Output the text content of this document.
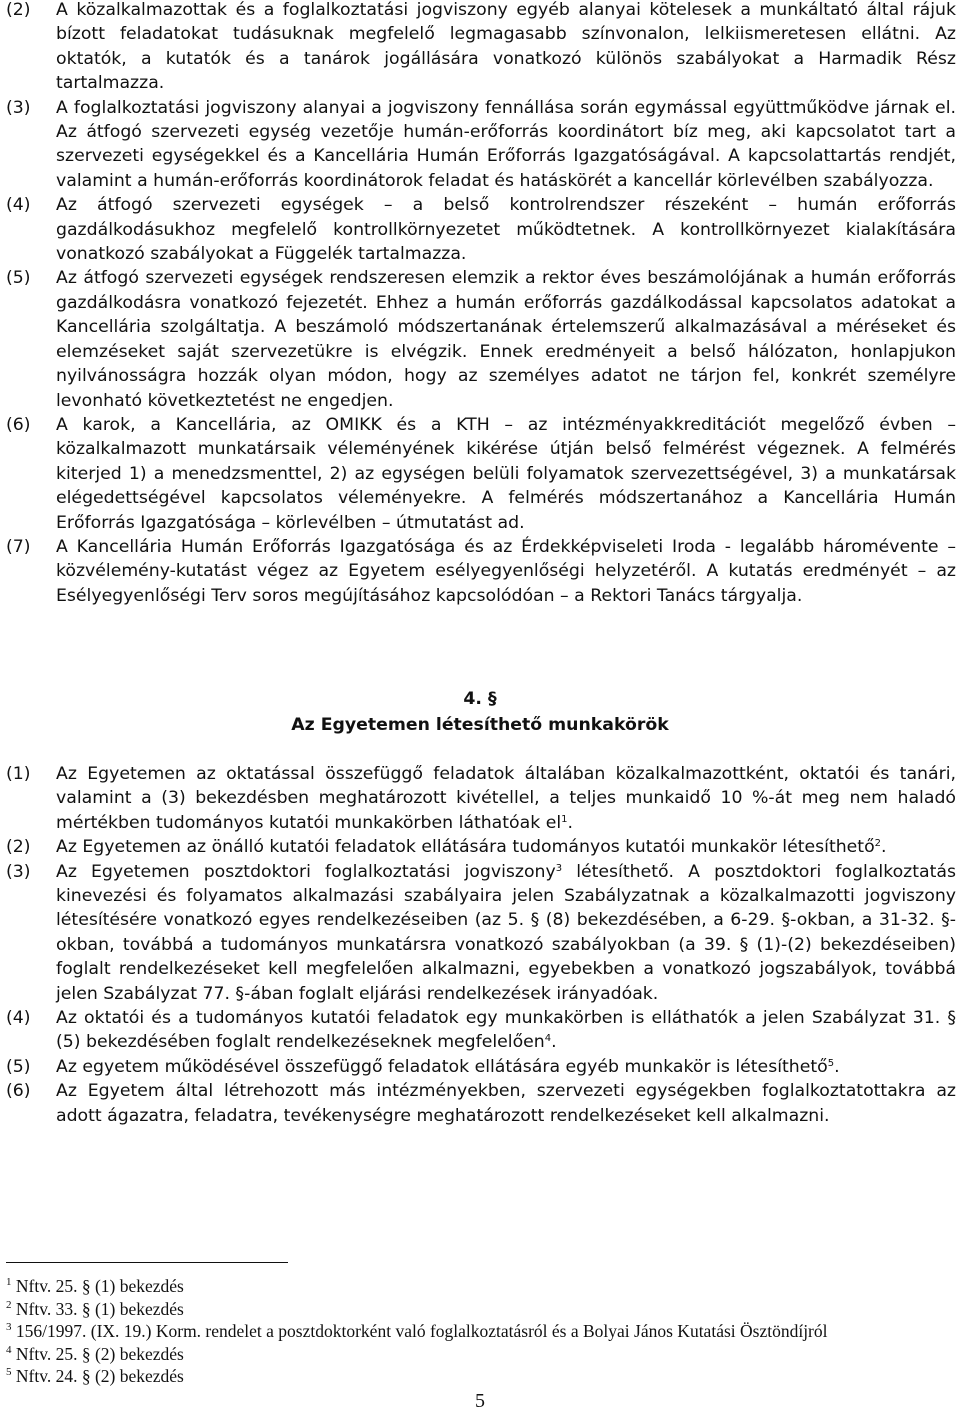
(2) A közalkalmazottak és a foglalkoztatási jogviszony egyéb alanyai kötelesek a munkáltató által rájuk bízott feladatokat tudásuknak megfelelő legmagasabb színvonalon, lelkiismeretesen ellátni. Az oktatók, a kutatók és a tanárok jogállására vonatkozó különös szabályokat a Harmadik Rész tartalmazza.
(3) A foglalkoztatási jogviszony alanyai a jogviszony fennállása során egymással együttműködve járnak el. Az átfogó szervezeti egység vezetője humán-erőforrás koordinátort bíz meg, aki kapcsolatot tart a szervezeti egységekkel és a Kancellária Humán Erőforrás Igazgatóságával. A kapcsolattartás rendjét, valamint a humán-erőforrás koordinátorok feladat és hatáskörét a kancellár körlevélben szabályozza.
(4) Az átfogó szervezeti egységek – a belső kontrolrendszer részeként – humán erőforrás gazdálkodásukhoz megfelelő kontrollkörnyezetet működtetnek. A kontrollkörnyezet kialakítására vonatkozó szabályokat a Függelék tartalmazza.
(5) Az átfogó szervezeti egységek rendszeresen elemzik a rektor éves beszámolójának a humán erőforrás gazdálkodásra vonatkozó fejezetét. Ehhez a humán erőforrás gazdálkodással kapcsolatos adatokat a Kancellária szolgáltatja. A beszámoló módszertanának értelemszerű alkalmazásával a méréseket és elemzéseket saját szervezetükre is elvégzik. Ennek eredményeit a belső hálózaton, honlapjukon nyilvánosságra hozzák olyan módon, hogy az személyes adatot ne tárjon fel, konkrét személyre levonható következtetést ne engedjen.
(6) A karok, a Kancellária, az OMIKK és a KTH – az intézményakkreditációt megelőző évben – közalkalmazott munkatársaik véleményének kikérése útján belső felmérést végeznek. A felmérés kiterjed 1) a menedzsmenttel, 2) az egységen belüli folyamatok szervezettségével, 3) a munkatársak elégedettségével kapcsolatos véleményekre. A felmérés módszertanához a Kancellária Humán Erőforrás Igazgatósága – körlevélben – útmutatást ad.
(7) A Kancellária Humán Erőforrás Igazgatósága és az Érdekképviseleti Iroda - legalább háromévente – közvélemény-kutatást végez az Egyetem esélyegyenlőségi helyzetéről. A kutatás eredményét – az Esélyegyenlőségi Terv soros megújításához kapcsolódóan – a Rektori Tanács tárgyalja.
4. §
Az Egyetemen létesíthető munkakörök
(1) Az Egyetemen az oktatással összefüggő feladatok általában közalkalmazottként, oktatói és tanári, valamint a (3) bekezdésben meghatározott kivétellel, a teljes munkaidő 10 %-át meg nem haladó mértékben tudományos kutatói munkakörben láthatóak $el^1$.
(2) Az Egyetemen az önálló kutatói feladatok ellátására tudományos kutatói munkakör létesíthető$^2$.
(3) Az Egyetemen posztdoktori foglalkoztatási jogviszony$^3$ létesíthető. A posztdoktori foglalkoztatás kinevezési és folyamatos alkalmazási szabályaira jelen Szabályzatnak a közalkalmazotti jogviszony létesítésére vonatkozó egyes rendelkezéseiben (az 5. § (8) bekezdésében, a 6-29. §-okban, a 31-32. §-okban, továbbá a tudományos munkatársra vonatkozó szabályokban (a 39. § (1)-(2) bekezdéseiben) foglalt rendelkezéseket kell megfelelően alkalmazni, egyebekben a vonatkozó jogszabályok, továbbá jelen Szabályzat 77. §-ában foglalt eljárási rendelkezések irányadóak.
(4) Az oktatói és a tudományos kutatói feladatok egy munkakörben is elláthatók a jelen Szabályzat 31. § (5) bekezdésében foglalt rendelkezéseknek megfelelően$^4$.
(5) Az egyetem működésével összefüggő feladatok ellátására egyéb munkakör is létesíthető$^5$.
(6) Az Egyetem által létrehozott más intézményekben, szervezeti egységekben foglalkoztatottakra az adott ágazatra, feladatra, tevékenységre meghatározott rendelkezéseket kell alkalmazni.
$^1$ Nftv. 25. § (1) bekezdés
$^2$ Nftv. 33. § (1) bekezdés
$^3$ 156/1997. (IX. 19.) Korm. rendelet a posztdoktorként való foglalkoztatásról és a Bolyai János Kutatási Ösztöndíjról
$^4$ Nftv. 25. § (2) bekezdés
$^5$ Nftv. 24. § (2) bekezdés
5
